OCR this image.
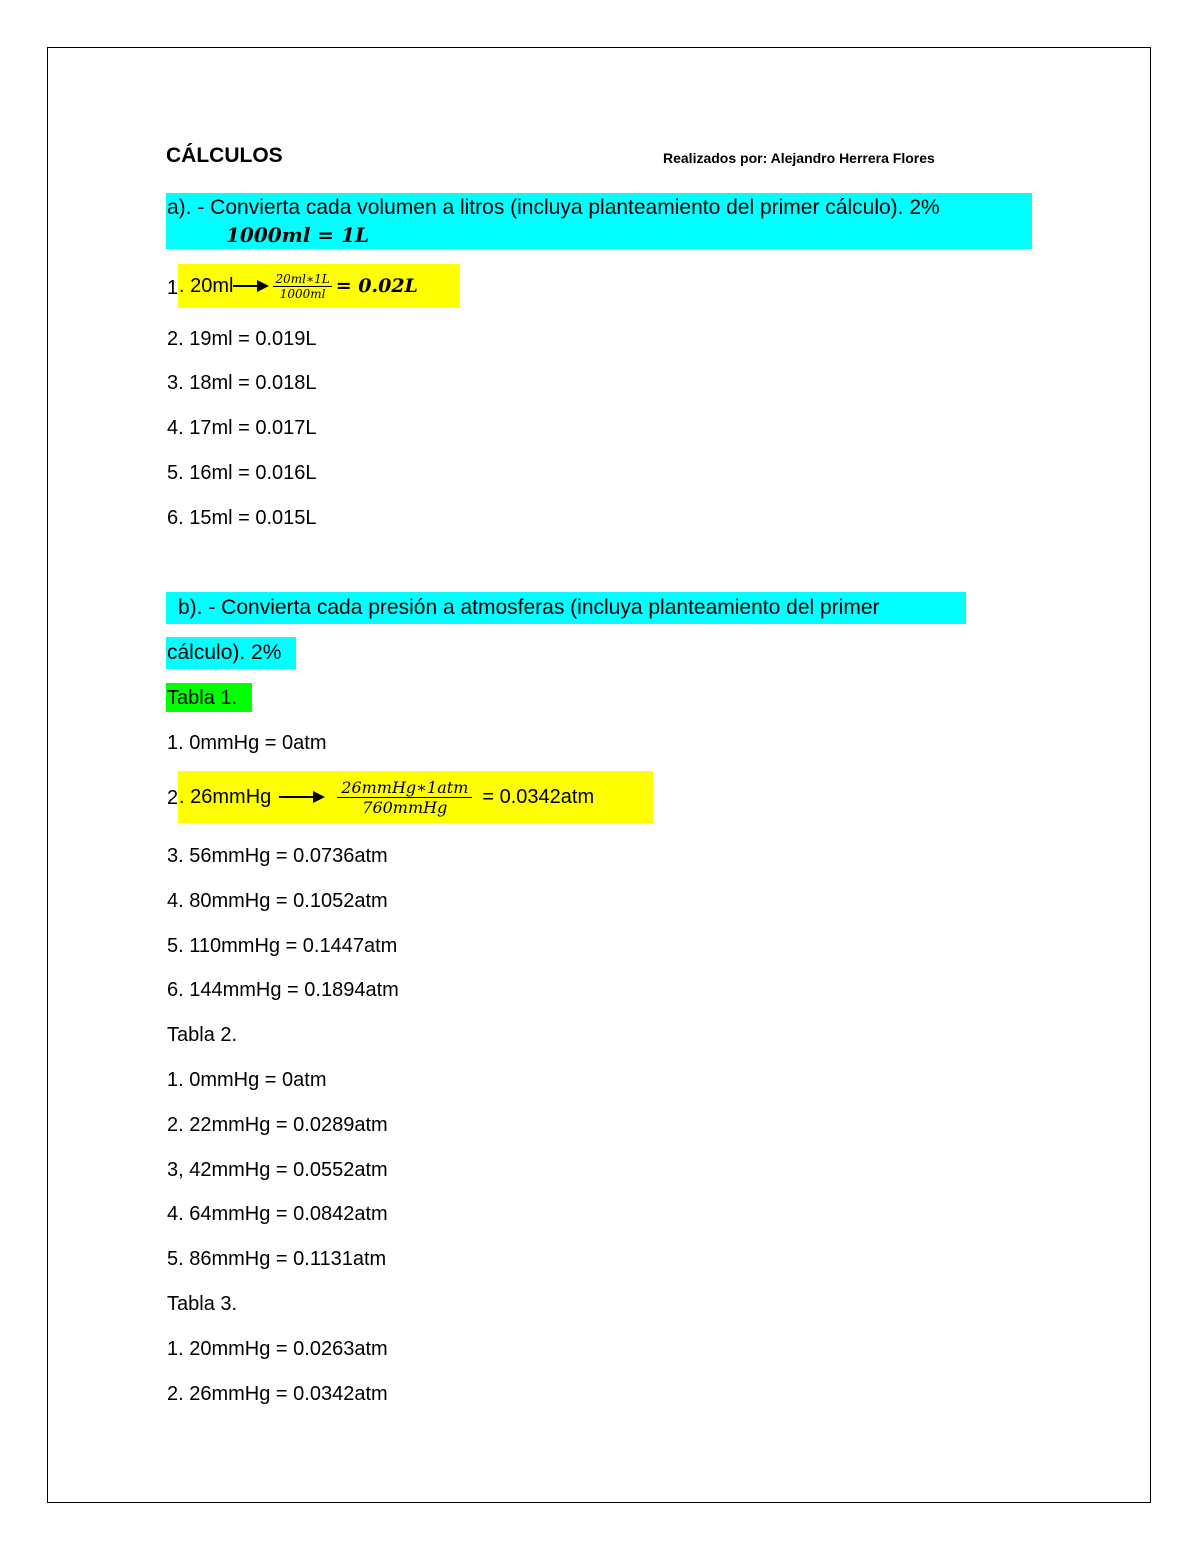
CÁLCULOS	Realizados por: Alejandro Herrera Flores
a). - Convierta cada volumen a litros (incluya planteamiento del primer cálculo). 2%
1000ml = 1L
1 . 20ml	$\frac{20ml∗1L}{1000ml} = 0.02L$
2. 19ml = 0.019L
3. 18ml = 0.018L
4. 17ml = 0.017L
5. 16ml = 0.016L
6. 15ml = 0.015L
b). - Convierta cada presión a atmosferas (incluya planteamiento del primer
cálculo). 2%
Tabla 1.
1. 0mmHg = 0atm
2 . 26mmHg	$\frac{\text{26mmHg∗1atm}}{\text{760mmHg}} = 0.0342atm$
3. 56mmHg = 0.0736atm
4. 80mmHg = 0.1052atm
5. 110mmHg = 0.1447atm
6. 144mmHg = 0.1894atm
Tabla 2.
1. 0mmHg = 0atm
2. 22mmHg = 0.0289atm
3, 42mmHg = 0.0552atm
4. 64mmHg = 0.0842atm
5. 86mmHg = 0.1131atm
Tabla 3.
1. 20mmHg = 0.0263atm
2. 26mmHg = 0.0342atm
